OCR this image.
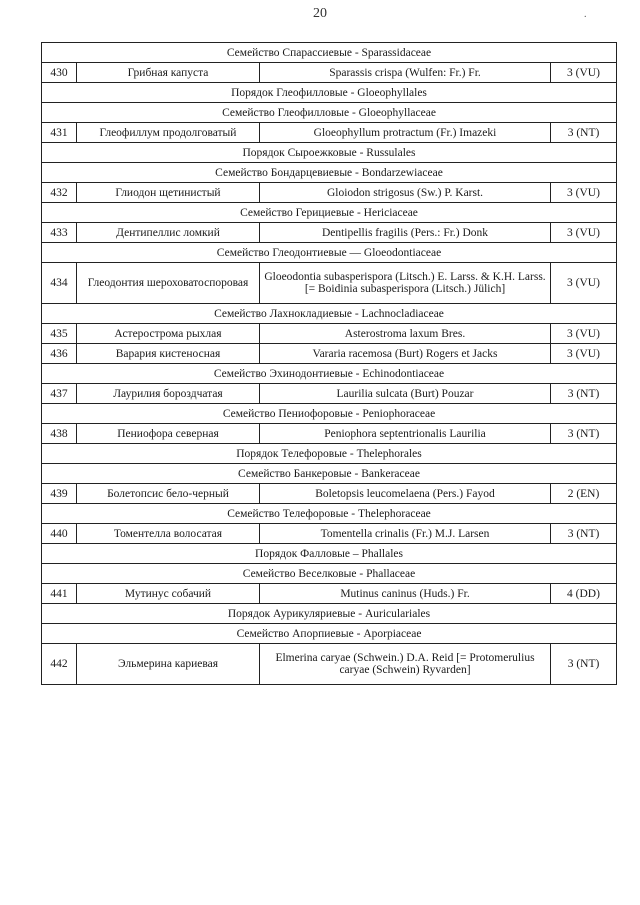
20	.
Семейство Спарассиевые - Sparassidaceae			
430	Грибная капуста	Sparassis crispa (Wulfen: Fr.) Fr.	3 (VU)
Порядок Глеофилловые - Gloeophyllales			
Семейство Глеофилловые - Gloeophyllaceae			
431	Глеофиллум продолговатый	Gloeophyllum protractum (Fr.) Imazeki	3 (NT)
Порядок Сыроежковые - Russulales			
Семейство Бондарцевиевые - Bondarzewiaceae			
432	Глиодон щетинистый	Gloiodon strigosus (Sw.) P. Karst.	3 (VU)
Семейство Герициевые - Hericiaceae			
433	Дентипеллис ломкий	Dentipellis fragilis (Pers.: Fr.) Donk	3 (VU)
Семейство Глеодонтиевые — Gloeodontiaceae			
434	Глеодонтия шероховатоспоровая	Gloeodontia subasperispora (Litsch.) E. Larss. & K.H. Larss. [= Boidinia subasperispora (Litsch.) Jülich]	3 (VU)
Семейство Лахнокладиевые - Lachnocladiaceae			
435	Астерострома рыхлая	Asterostroma laxum Bres.	3 (VU)
436	Варария кистеносная	Vararia racemosa (Burt) Rogers et Jacks	3 (VU)
Семейство Эхинодонтиевые - Echinodontiaceae			
437	Лаурилия бороздчатая	Laurilia sulcata (Burt) Pouzar	3 (NT)
Семейство Пениофоровые - Peniophoraceae			
438	Пениофора северная	Peniophora septentrionalis Laurilia	3 (NT)
Порядок Телефоровые - Thelephorales			
Семейство Банкеровые - Bankeraceae			
439	Болетопсис бело-черный	Boletopsis leucomelaena (Pers.) Fayod	2 (EN)
Семейство Телефоровые - Thelephoraceae			
440	Томентелла волосатая	Tomentella crinalis (Fr.) M.J. Larsen	3 (NT)
Порядок Фаллoвые – Phallales			
Семейство Веселковые - Phallaceae			
441	Мутинус собачий	Mutinus caninus (Huds.) Fr.	4 (DD)
Порядок Аурикуляриевые - Auriculariales			
Семейство Апорпиевые - Aporpiaceae			
442	Эльмерина кариевая	Elmerina caryae (Schwein.) D.A. Reid [= Protomerulius caryae (Schwein) Ryvarden]	3 (NT)
